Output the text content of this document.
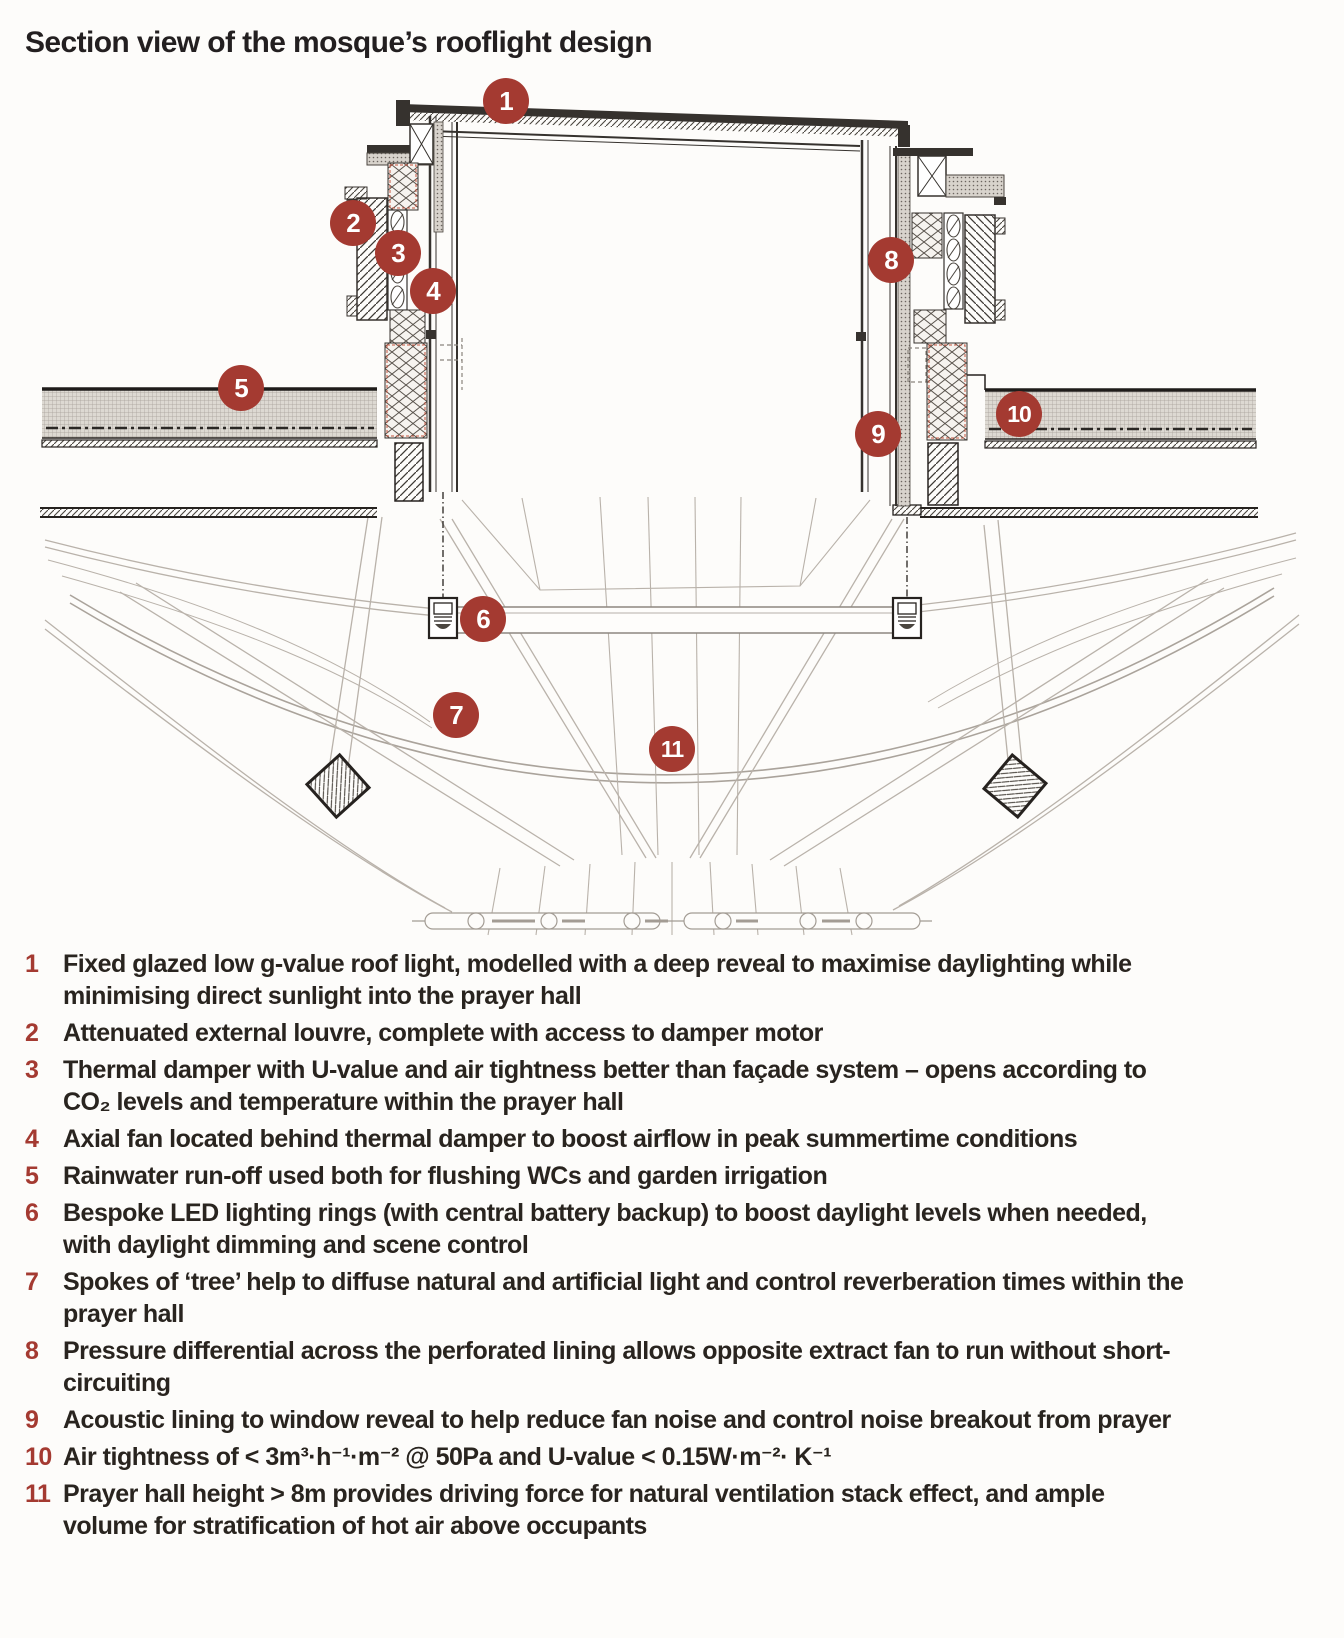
Section view of the mosque’s rooflight design
1
2
3
4
5
6
7
8
9
10
11
1 Fixed glazed low g-value roof light, modelled with a deep reveal to maximise daylighting while minimising direct sunlight into the prayer hall
2 Attenuated external louvre, complete with access to damper motor
3 Thermal damper with U-value and air tightness better than façade system – opens according to CO₂ levels and temperature within the prayer hall
4 Axial fan located behind thermal damper to boost airflow in peak summertime conditions
5 Rainwater run-off used both for flushing WCs and garden irrigation
6 Bespoke LED lighting rings (with central battery backup) to boost daylight levels when needed, with daylight dimming and scene control
7 Spokes of ‘tree’ help to diffuse natural and artificial light and control reverberation times within the prayer hall
8 Pressure differential across the perforated lining allows opposite extract fan to run without short-circuiting
9 Acoustic lining to window reveal to help reduce fan noise and control noise breakout from prayer
10 Air tightness of < 3m³·h⁻¹·m⁻² @ 50Pa and U-value < 0.15W·m⁻²· K⁻¹
11 Prayer hall height > 8m provides driving force for natural ventilation stack effect, and ample volume for stratification of hot air above occupants
